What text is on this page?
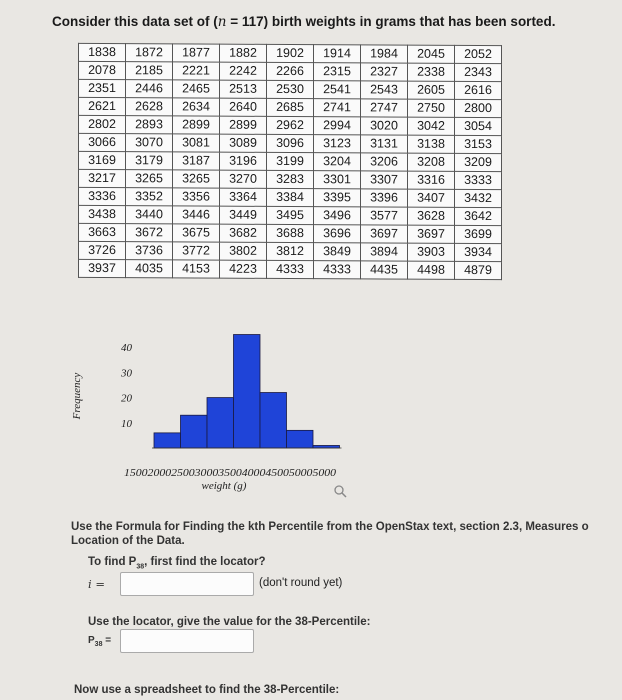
Consider this data set of (n = 117) birth weights in grams that has been sorted.
1838	1872	1877	1882	1902	1914	1984	2045	2052
2078	2185	2221	2242	2266	2315	2327	2338	2343
2351	2446	2465	2513	2530	2541	2543	2605	2616
2621	2628	2634	2640	2685	2741	2747	2750	2800
2802	2893	2899	2899	2962	2994	3020	3042	3054
3066	3070	3081	3089	3096	3123	3131	3138	3153
3169	3179	3187	3196	3199	3204	3206	3208	3209
3217	3265	3265	3270	3283	3301	3307	3316	3333
3336	3352	3356	3364	3384	3395	3396	3407	3432
3438	3440	3446	3449	3495	3496	3577	3628	3642
3663	3672	3675	3682	3688	3696	3697	3697	3699
3726	3736	3772	3802	3812	3849	3894	3903	3934
3937	4035	4153	4223	4333	4333	4435	4498	4879
Frequency
10
20
30
40
150020002500300035004000450050005000
weight (g)
Use the Formula for Finding the kth Percentile from the OpenStax text, section 2.3, Measures o Location of the Data.
To find $P_{38}$, first find the locator?
i =	(don't round yet)
Use the locator, give the value for the 38-Percentile:
$P_{38}$ =
Now use a spreadsheet to find the 38-Percentile:
